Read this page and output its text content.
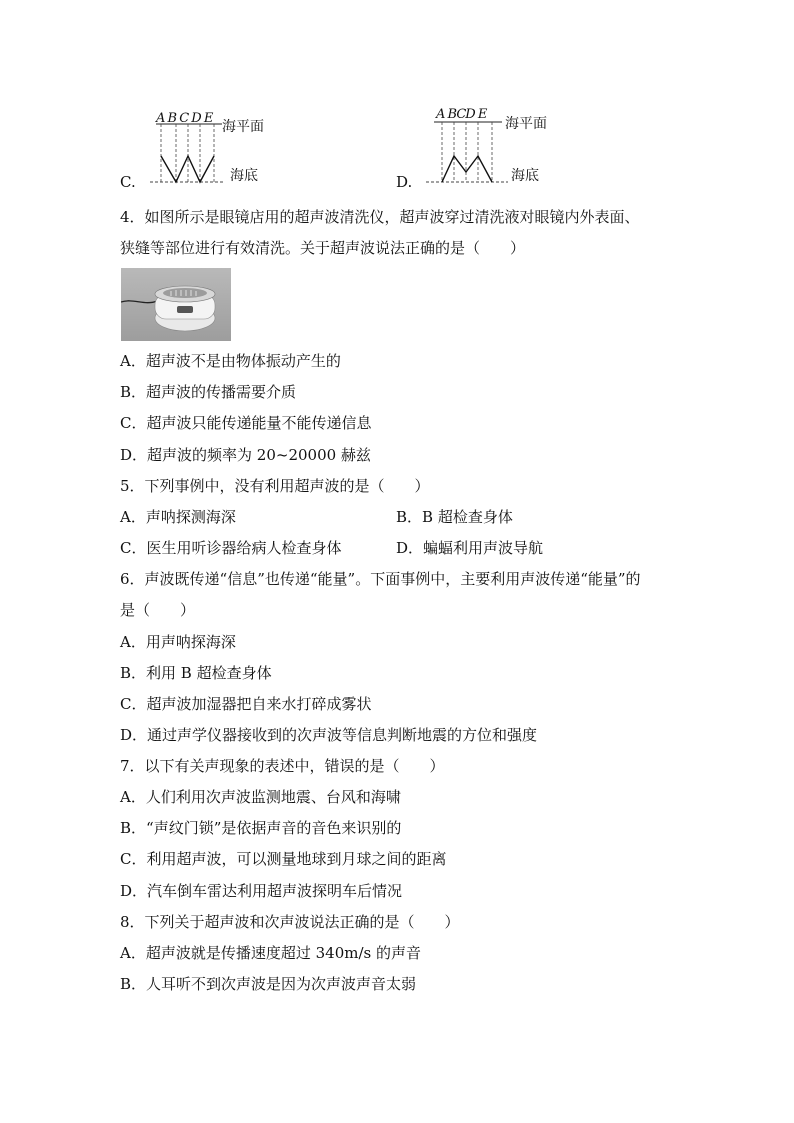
C.
A B C D E
海平面
海底	D.
A BCD E
海平面
海底
4．如图所示是眼镜店用的超声波清洗仪，超声波穿过清洗液对眼镜内外表面、
狭缝等部位进行有效清洗。关于超声波说法正确的是（　　）
A．超声波不是由物体振动产生的
B．超声波的传播需要介质
C．超声波只能传递能量不能传递信息
D．超声波的频率为 20~20000 赫兹
5．下列事例中，没有利用超声波的是（　　）
A．声呐探测海深	B．B 超检查身体
C．医生用听诊器给病人检查身体	D．蝙蝠利用声波导航
6．声波既传递“信息”也传递“能量”。下面事例中，主要利用声波传递“能量”的
是（　　）
A．用声呐探海深
B．利用 B 超检查身体
C．超声波加湿器把自来水打碎成雾状
D．通过声学仪器接收到的次声波等信息判断地震的方位和强度
7．以下有关声现象的表述中，错误的是（　　）
A．人们利用次声波监测地震、台风和海啸
B．“声纹门锁”是依据声音的音色来识别的
C．利用超声波，可以测量地球到月球之间的距离
D．汽车倒车雷达利用超声波探明车后情况
8．下列关于超声波和次声波说法正确的是（　　）
A．超声波就是传播速度超过 340m/s 的声音
B．人耳听不到次声波是因为次声波声音太弱
